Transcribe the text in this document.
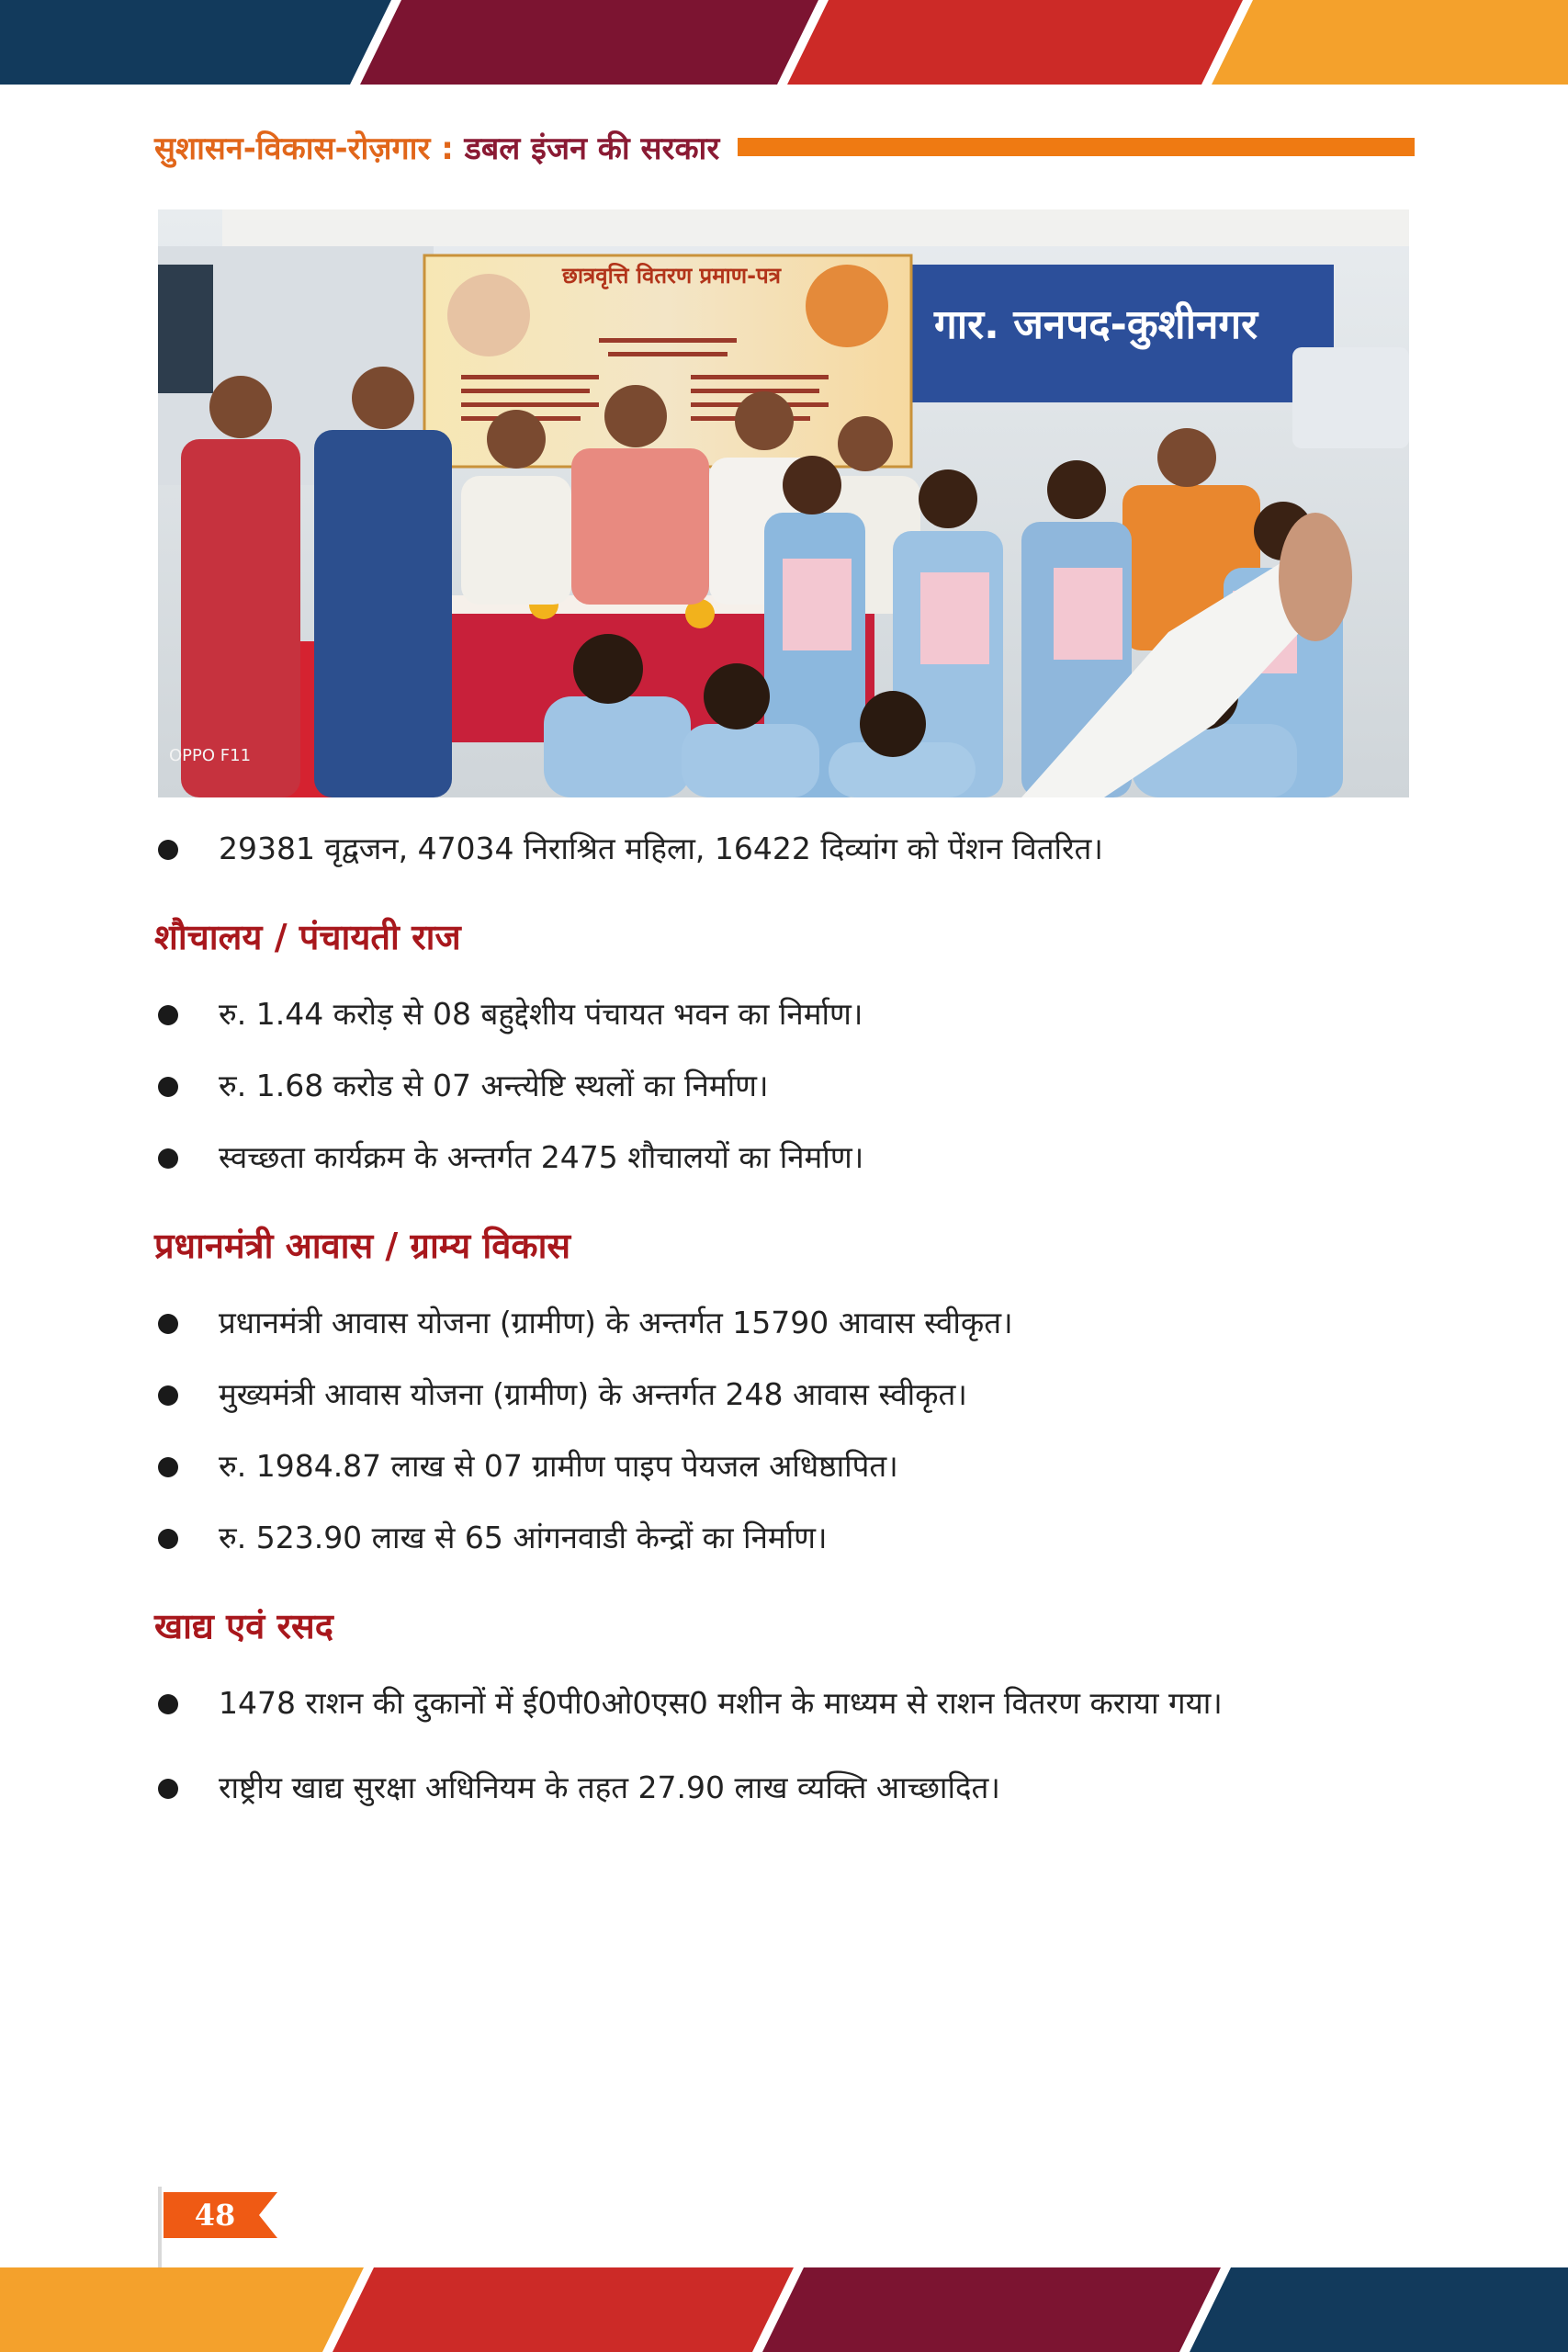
सुशासन-विकास-रोज़गार : डबल इंजन की सरकार
गार. जनपद-कुशीनगर
छात्रवृत्ति वितरण प्रमाण-पत्र
OPPO F11
29381 वृद्वजन, 47034 निराश्रित महिला, 16422 दिव्यांग को पेंशन वितरित।
शौचालय / पंचायती राज
रु. 1.44 करोड़ से 08 बहुद्देशीय पंचायत भवन का निर्माण।
रु. 1.68 करोड से 07 अन्त्येष्टि स्थलों का निर्माण।
स्वच्छता कार्यक्रम के अन्तर्गत 2475 शौचालयों का निर्माण।
प्रधानमंत्री आवास / ग्राम्य विकास
प्रधानमंत्री आवास योजना (ग्रामीण) के अन्तर्गत 15790 आवास स्वीकृत।
मुख्यमंत्री आवास योजना (ग्रामीण) के अन्तर्गत 248 आवास स्वीकृत।
रु. 1984.87 लाख से 07 ग्रामीण पाइप पेयजल अधिष्ठापित।
रु. 523.90 लाख से 65 आंगनवाडी केन्द्रों का निर्माण।
खाद्य एवं रसद
1478 राशन की दुकानों में ई0पी0ओ0एस0 मशीन के माध्यम से राशन वितरण कराया गया।
राष्ट्रीय खाद्य सुरक्षा अधिनियम के तहत 27.90 लाख व्यक्ति आच्छादित।
48
